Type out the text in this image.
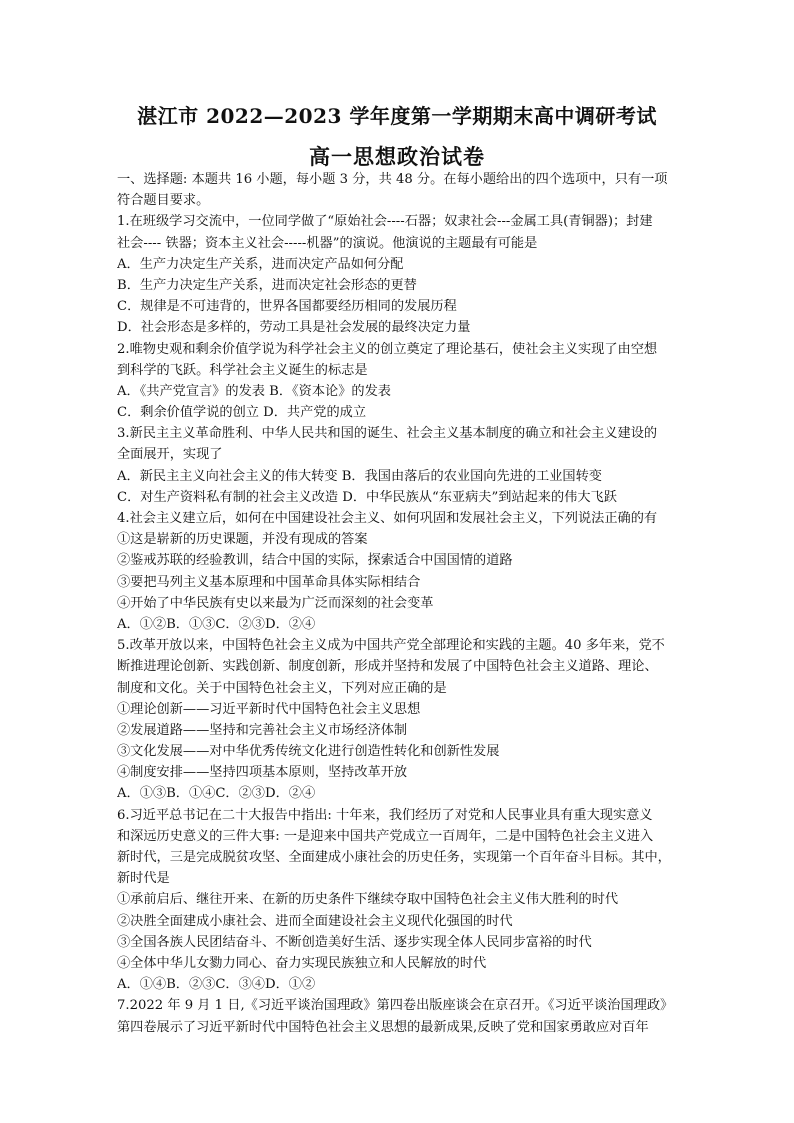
湛江市 2022—2023 学年度第一学期期末高中调研考试
高一思想政治试卷
一、选择题: 本题共 16 小题，每小题 3 分，共 48 分。在每小题给出的四个选项中，只有一项
符合题目要求。
1.在班级学习交流中，一位同学做了“原始社会----石器；奴隶社会---金属工具(青铜器)；封建
社会---- 铁器；资本主义社会-----机器”的演说。他演说的主题最有可能是
A．生产力决定生产关系，进而决定产品如何分配
B．生产力决定生产关系，进而决定社会形态的更替
C．规律是不可违背的，世界各国都要经历相同的发展历程
D．社会形态是多样的，劳动工具是社会发展的最终决定力量
2.唯物史观和剩余价值学说为科学社会主义的创立奠定了理论基石，使社会主义实现了由空想
到科学的飞跃。科学社会主义诞生的标志是
A．《共产党宣言》的发表 B．《资本论》的发表
C．剩余价值学说的创立 D．共产党的成立
3.新民主主义革命胜利、中华人民共和国的诞生、社会主义基本制度的确立和社会主义建设的
全面展开，实现了
A．新民主主义向社会主义的伟大转变 B．我国由落后的农业国向先进的工业国转变
C．对生产资料私有制的社会主义改造 D．中华民族从“东亚病夫”到站起来的伟大飞跃
4.社会主义建立后，如何在中国建设社会主义、如何巩固和发展社会主义，下列说法正确的有
①这是崭新的历史课题，并没有现成的答案
②鉴戒苏联的经验教训，结合中国的实际，探索适合中国国情的道路
③要把马列主义基本原理和中国革命具体实际相结合
④开始了中华民族有史以来最为广泛而深刻的社会变革
A．①②B．①③C．②③D．②④
5.改革开放以来，中国特色社会主义成为中国共产党全部理论和实践的主题。40 多年来，党不
断推进理论创新、实践创新、制度创新，形成并坚持和发展了中国特色社会主义道路、理论、
制度和文化。关于中国特色社会主义，下列对应正确的是
①理论创新——习近平新时代中国特色社会主义思想
②发展道路——坚持和完善社会主义市场经济体制
③文化发展——对中华优秀传统文化进行创造性转化和创新性发展
④制度安排——坚持四项基本原则，坚持改革开放
A．①③B．①④C．②③D．②④
6.习近平总书记在二十大报告中指出: 十年来，我们经历了对党和人民事业具有重大现实意义
和深远历史意义的三件大事: 一是迎来中国共产党成立一百周年，二是中国特色社会主义进入
新时代，三是完成脱贫攻坚、全面建成小康社会的历史任务，实现第一个百年奋斗目标。其中，
新时代是
①承前启后、继往开来、在新的历史条件下继续夺取中国特色社会主义伟大胜利的时代
②决胜全面建成小康社会、进而全面建设社会主义现代化强国的时代
③全国各族人民团结奋斗、不断创造美好生活、逐步实现全体人民同步富裕的时代
④全体中华儿女勠力同心、奋力实现民族独立和人民解放的时代
A．①④B．②③C．③④D．①②
7.2022 年 9 月 1 日,《习近平谈治国理政》第四卷出版座谈会在京召开。《习近平谈治国理政》
第四卷展示了习近平新时代中国特色社会主义思想的最新成果,反映了党和国家勇敢应对百年
